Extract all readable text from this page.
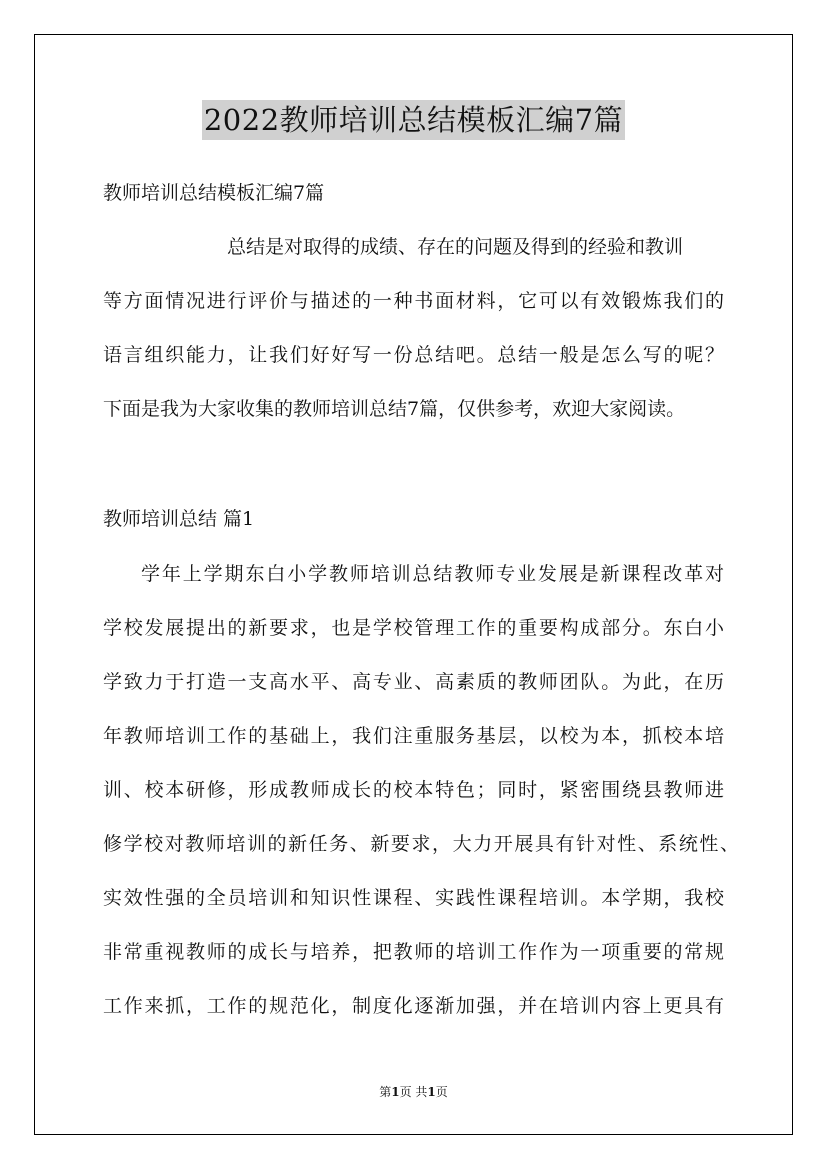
2022教师培训总结模板汇编7篇
教师培训总结模板汇编7篇
总结是对取得的成绩、存在的问题及得到的经验和教训
等方面情况进行评价与描述的一种书面材料，它可以有效锻炼我们的
语言组织能力，让我们好好写一份总结吧。总结一般是怎么写的呢？
下面是我为大家收集的教师培训总结7篇，仅供参考，欢迎大家阅读。
教师培训总结 篇1
学年上学期东白小学教师培训总结教师专业发展是新课程改革对
学校发展提出的新要求，也是学校管理工作的重要构成部分。东白小
学致力于打造一支高水平、高专业、高素质的教师团队。为此，在历
年教师培训工作的基础上，我们注重服务基层，以校为本，抓校本培
训、校本研修，形成教师成长的校本特色；同时，紧密围绕县教师进
修学校对教师培训的新任务、新要求，大力开展具有针对性、系统性、
实效性强的全员培训和知识性课程、实践性课程培训。本学期，我校
非常重视教师的成长与培养，把教师的培训工作作为一项重要的常规
工作来抓，工作的规范化，制度化逐渐加强，并在培训内容上更具有
第1页 共1页
